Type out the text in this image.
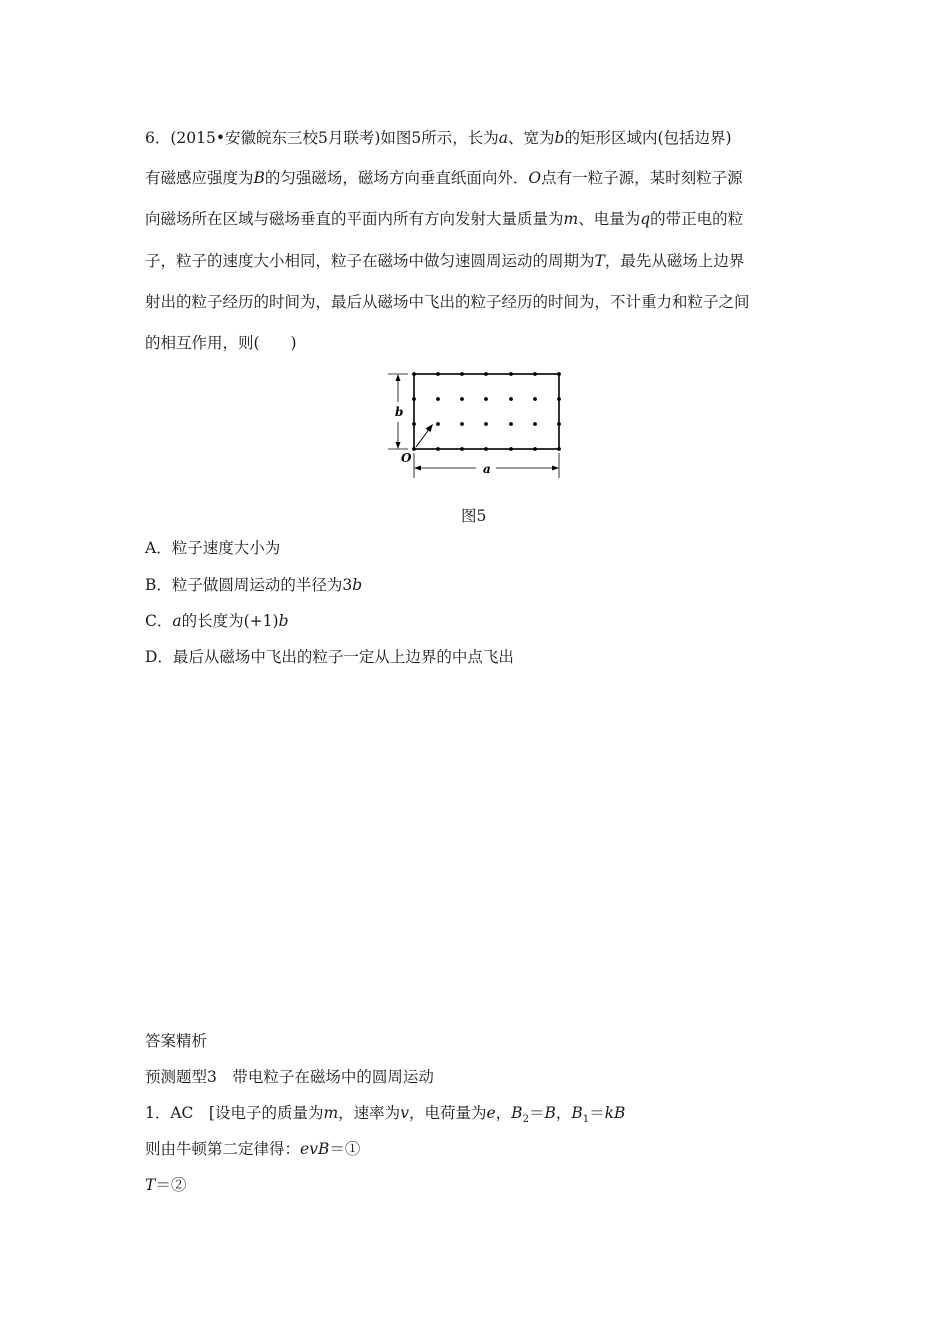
6．(2015•安徽皖东三校5月联考)如图5所示，长为a、宽为b的矩形区域内(包括边界)
有磁感应强度为B的匀强磁场，磁场方向垂直纸面向外．O点有一粒子源，某时刻粒子源
向磁场所在区域与磁场垂直的平面内所有方向发射大量质量为m、电量为q的带正电的粒
子，粒子的速度大小相同，粒子在磁场中做匀速圆周运动的周期为T，最先从磁场上边界
射出的粒子经历的时间为，最后从磁场中飞出的粒子经历的时间为，不计重力和粒子之间
的相互作用，则(　　)
b
a
O
图5
A．粒子速度大小为
B．粒子做圆周运动的半径为3b
C．a的长度为(+1)b
D．最后从磁场中飞出的粒子一定从上边界的中点飞出
答案精析
预测题型3　带电粒子在磁场中的圆周运动
1．AC　[设电子的质量为m，速率为v，电荷量为e，$B_2=B$，$B_1=kB$
则由牛顿第二定律得：evB＝①
T＝②
